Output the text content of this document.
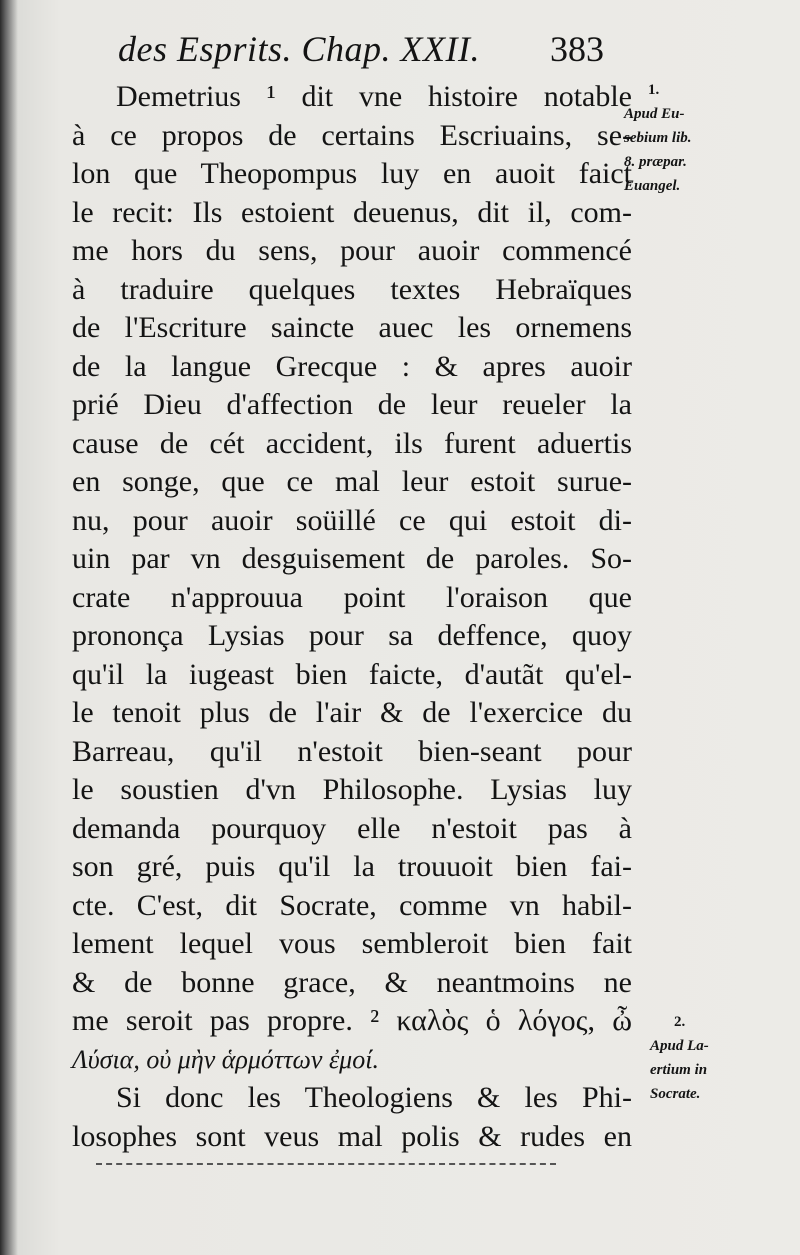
des Esprits. Chap. XXII. 383
Demetrius ¹ dit vne histoire notable
à ce propos de certains Escriuains, se-
lon que Theopompus luy en auoit faict
le recit: Ils estoient deuenus, dit il, com-
me hors du sens, pour auoir commencé
à traduire quelques textes Hebraïques
de l'Escriture saincte auec les ornemens
de la langue Grecque : & apres auoir
prié Dieu d'affection de leur reueler la
cause de cét accident, ils furent aduertis
en songe, que ce mal leur estoit surue-
nu, pour auoir soüillé ce qui estoit di-
uin par vn desguisement de paroles. So-
crate n'approuua point l'oraison que
prononça Lysias pour sa deffence, quoy
qu'il la iugeast bien faicte, d'autãt qu'el-
le tenoit plus de l'air & de l'exercice du
Barreau, qu'il n'estoit bien-seant pour
le soustien d'vn Philosophe. Lysias luy
demanda pourquoy elle n'estoit pas à
son gré, puis qu'il la trouuoit bien fai-
cte. C'est, dit Socrate, comme vn habil-
lement lequel vous sembleroit bien fait
& de bonne grace, & neantmoins ne
me seroit pas propre. ² καλὸς ὁ λόγος, ὦ
Λύσια, οὐ μὴν ἁρμόττων ἐμοί.
Si donc les Theologiens & les Phi-
losophes sont veus mal polis & rudes en
1.
Apud Eu-
sebium lib.
8. præpar.
Euangel.
2.
Apud La-
ertium in
Socrate.
